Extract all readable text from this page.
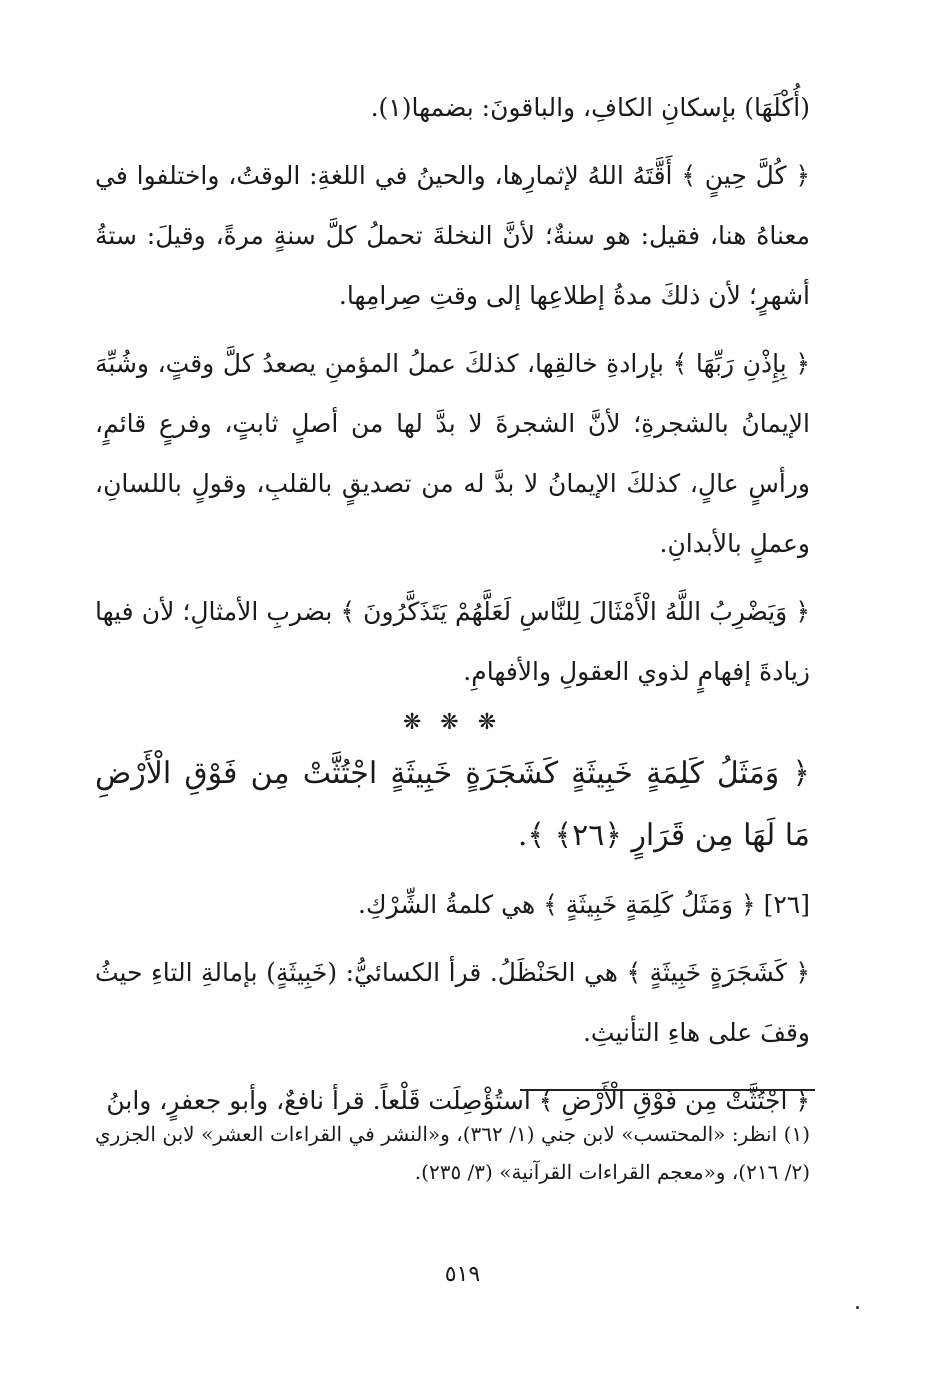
(أُكْلَهَا) بإسكانِ الكافِ، والباقونَ: بضمها(١).

﴿ كُلَّ حِينٍ ﴾ أَقَّتَهُ اللهُ لإثمارِها، والحينُ في اللغةِ: الوقتُ، واختلفوا في معناهُ هنا، فقيل: هو سنةٌ؛ لأنَّ النخلةَ تحملُ كلَّ سنةٍ مرةً، وقيلَ: ستةُ أشهرٍ؛ لأن ذلكَ مدةُ إطلاعِها إلى وقتِ صِرامِها.

﴿ بِإِذْنِ رَبِّهَا ﴾ بإرادةِ خالقِها، كذلكَ عملُ المؤمنِ يصعدُ كلَّ وقتٍ، وشُبِّهَ الإيمانُ بالشجرةِ؛ لأنَّ الشجرةَ لا بدَّ لها من أصلٍ ثابتٍ، وفرعٍ قائمٍ، ورأسٍ عالٍ، كذلكَ الإيمانُ لا بدَّ له من تصديقٍ بالقلبِ، وقولٍ باللسانِ، وعملٍ بالأبدانِ.

﴿ وَيَضْرِبُ اللَّهُ الْأَمْثَالَ لِلنَّاسِ لَعَلَّهُمْ يَتَذَكَّرُونَ ﴾ بضربِ الأمثالِ؛ لأن فيها زيادةَ إفهامٍ لذوي العقولِ والأفهامِ.

❋ ❋ ❋

﴿ وَمَثَلُ كَلِمَةٍ خَبِيثَةٍ كَشَجَرَةٍ خَبِيثَةٍ اجْتُثَّتْ مِن فَوْقِ الْأَرْضِ مَا لَهَا مِن قَرَارٍ ﴿٢٦﴾ ﴾.

[٢٦] ﴿ وَمَثَلُ كَلِمَةٍ خَبِيثَةٍ ﴾ هي كلمةُ الشِّرْكِ.

﴿ كَشَجَرَةٍ خَبِيثَةٍ ﴾ هي الحَنْظَلُ. قرأ الكسائيُّ: (خَبِيثَةٍ) بإمالةِ التاءِ حيثُ وقفَ على هاءِ التأنيثِ.

﴿ اجْتُثَّتْ مِن فَوْقِ الْأَرْضِ ﴾ استُؤْصِلَت قَلْعاً. قرأ نافعٌ، وأبو جعفرٍ، وابنُ

(١) انظر: «المحتسب» لابن جني (١/ ٣٦٢)، و«النشر في القراءات العشر» لابن الجزري (٢/ ٢١٦)، و«معجم القراءات القرآنية» (٣/ ٢٣٥).
٥١٩
